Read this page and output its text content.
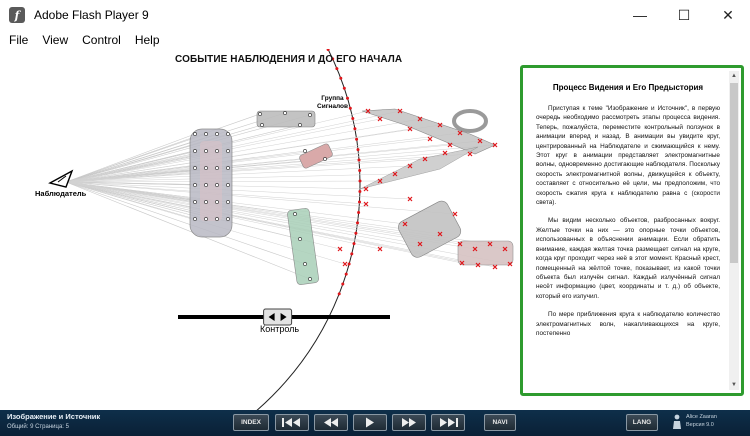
f	Adobe Flash Player 9	—	☐	✕
File	View	Control	Help
СОБЫТИЕ НАБЛЮДЕНИЯ И ДО ЕГО НАЧАЛА
Наблюдатель
Группа
Сигналов
Контроль
Процесс Видения и Его Предыстория

Приступая к теме "Изображение и Источник", в первую очередь необходимо рассмотреть этапы процесса видения. Теперь, пожалуйста, переместите контрольный ползунок в анимации вперед и назад. В анимации вы увидите круг, центрированный на Наблюдателе и сжимающийся к нему. Этот круг в анимации представляет электромагнитные волны, одновременно достигающие наблюдателя. Поскольку скорость электромагнитной волны, движущейся к объекту, составляет с относительно её цели, мы предположим, что скорость сжатия круга к наблюдателю равна с (скорости света).

Мы видим несколько объектов, разбросанных вокруг. Желтые точки на них — это опорные точки объектов, использованных в объяснении анимации. Если обратить внимание, каждая желтая точка размещает сигнал на круге, когда круг проходит через неё в этот момент. Красный крест, помещенный на жёлтой точке, показывает, из какой точки объекта был излучён сигнал. Каждый излучённый сигнал несёт информацию (цвет, координаты и т. д.) об объекте, который его излучил.

По мере приближения круга к наблюдателю количество электромагнитных волн, накапливающихся на круге, постепенно

▲
▼
Изображение и Источник
Общий: 9 Страница: 5
INDEX	NAVI	LANG
Alice Zaaran
Версия 9.0
